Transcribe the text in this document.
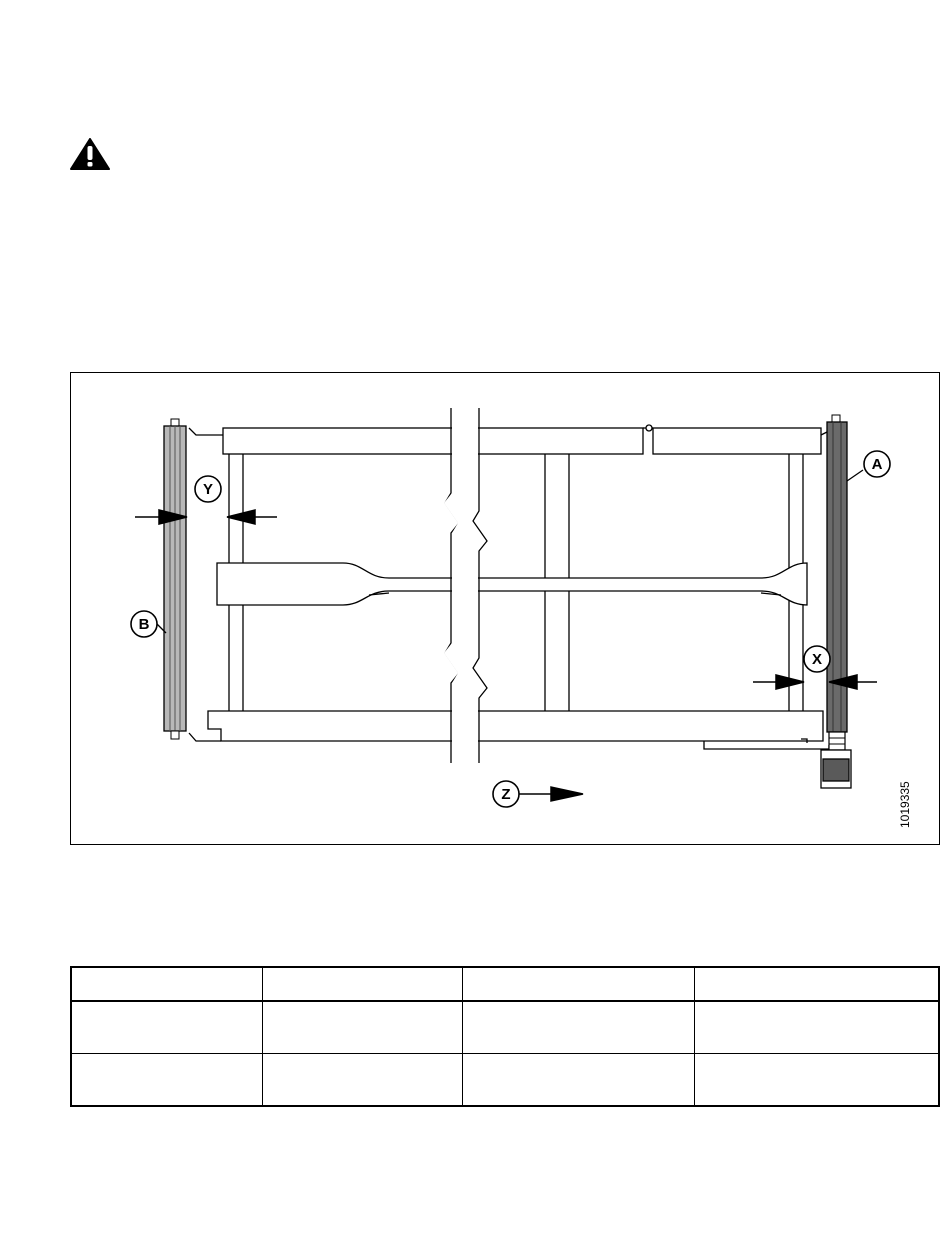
A
B
X
Y
Z	1019335
